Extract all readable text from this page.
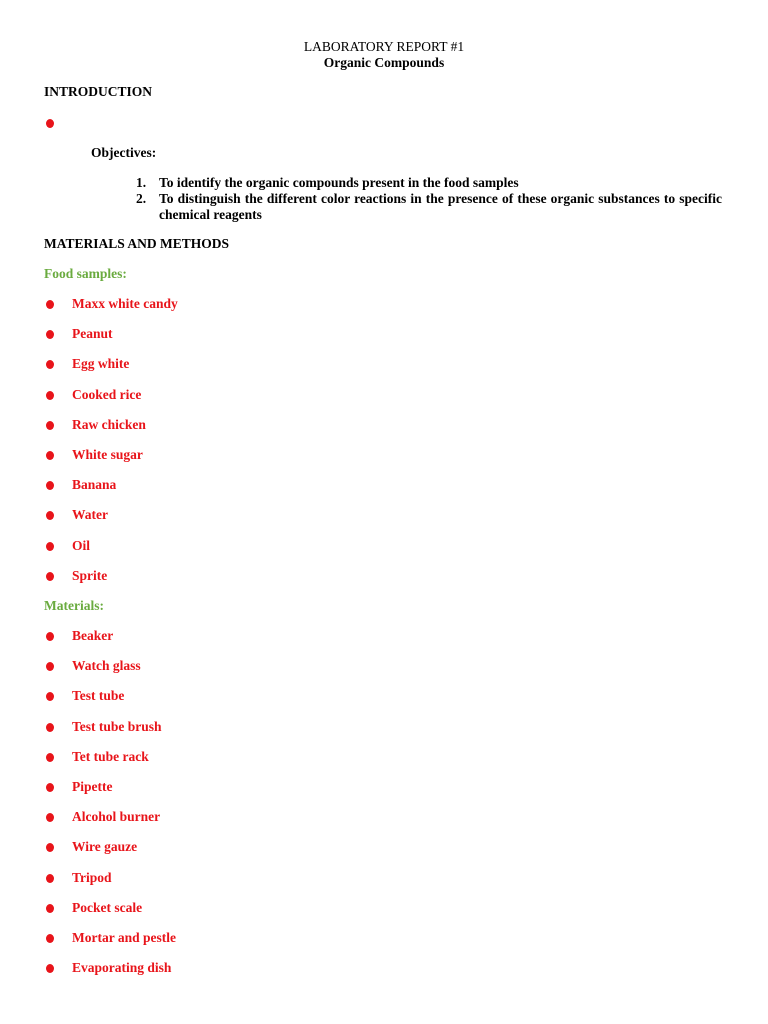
LABORATORY REPORT #1
Organic Compounds
INTRODUCTION
Objectives:
1. To identify the organic compounds present in the food samples
2. To distinguish the different color reactions in the presence of these organic substances to specific chemical reagents
MATERIALS AND METHODS
Food samples:
Maxx white candy
Peanut
Egg white
Cooked rice
Raw chicken
White sugar
Banana
Water
Oil
Sprite
Materials:
Beaker
Watch glass
Test tube
Test tube brush
Tet tube rack
Pipette
Alcohol burner
Wire gauze
Tripod
Pocket scale
Mortar and pestle
Evaporating dish
